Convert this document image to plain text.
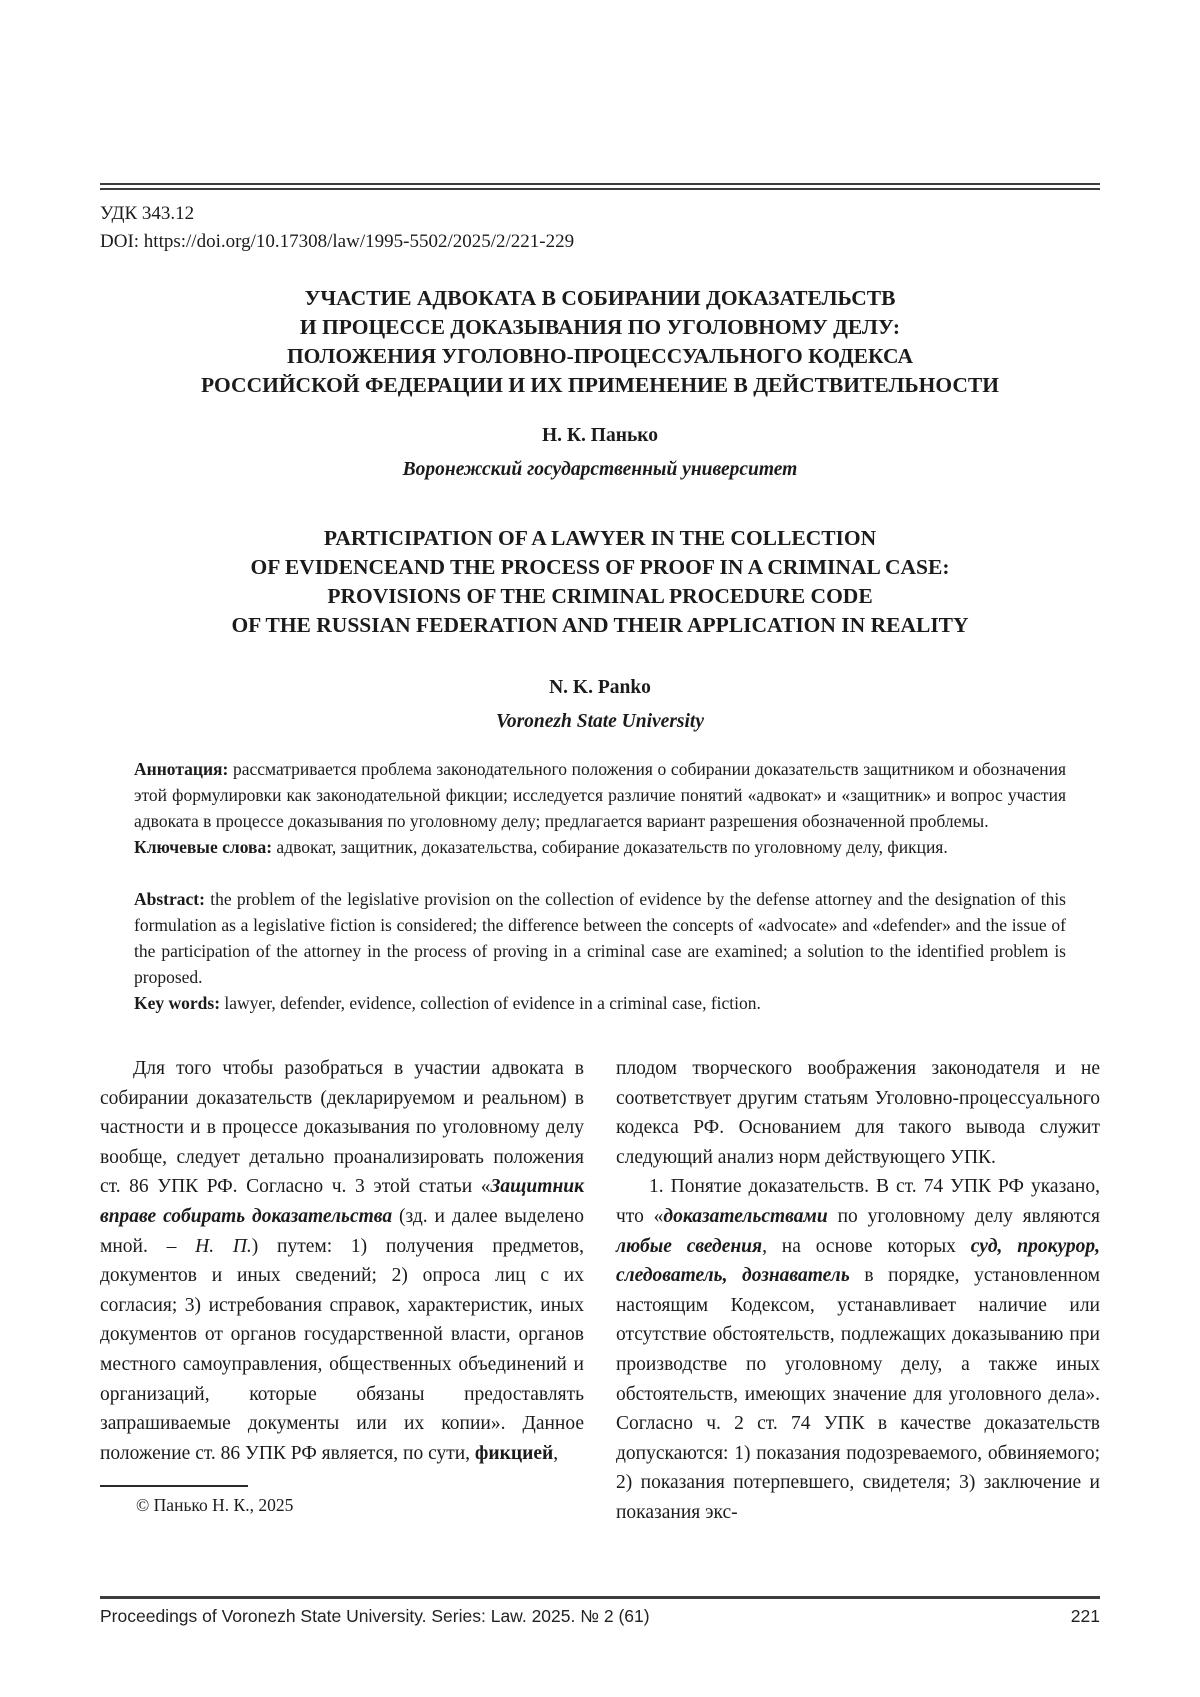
УДК 343.12
DOI: https://doi.org/10.17308/law/1995-5502/2025/2/221-229
УЧАСТИЕ АДВОКАТА В СОБИРАНИИ ДОКАЗАТЕЛЬСТВ
И ПРОЦЕССЕ ДОКАЗЫВАНИЯ ПО УГОЛОВНОМУ ДЕЛУ:
ПОЛОЖЕНИЯ УГОЛОВНО-ПРОЦЕССУАЛЬНОГО КОДЕКСА
РОССИЙСКОЙ ФЕДЕРАЦИИ И ИХ ПРИМЕНЕНИЕ В ДЕЙСТВИТЕЛЬНОСТИ
Н. К. Панько
Воронежский государственный университет
PARTICIPATION OF A LAWYER IN THE COLLECTION
OF EVIDENCEAND THE PROCESS OF PROOF IN A CRIMINAL CASE:
PROVISIONS OF THE CRIMINAL PROCEDURE CODE
OF THE RUSSIAN FEDERATION AND THEIR APPLICATION IN REALITY
N. K. Panko
Voronezh State University

Аннотация: рассматривается проблема законодательного положения о собирании доказательств защитником и обозначения этой формулировки как законодательной фикции; исследуется различие понятий «адвокат» и «защитник» и вопрос участия адвоката в процессе доказывания по уголовному делу; предлагается вариант разрешения обозначенной проблемы.

Ключевые слова: адвокат, защитник, доказательства, собирание доказательств по уголовному делу, фикция.

Abstract: the problem of the legislative provision on the collection of evidence by the defense attorney and the designation of this formulation as a legislative fiction is considered; the difference between the concepts of «advocate» and «defender» and the issue of the participation of the attorney in the process of proving in a criminal case are examined; a solution to the identified problem is proposed.

Key words: lawyer, defender, evidence, collection of evidence in a criminal case, fiction.

Для того чтобы разобраться в участии адвоката в собирании доказательств (декларируемом и реальном) в частности и в процессе доказывания по уголовному делу вообще, следует детально проанализировать положения ст. 86 УПК РФ. Согласно ч. 3 этой статьи «Защитник вправе собирать доказательства (зд. и далее выделено мной. – Н. П.) путем: 1) получения предметов, документов и иных сведений; 2) опроса лиц с их согласия; 3) истребования справок, характеристик, иных документов от органов государственной власти, органов местного самоуправления, общественных объединений и организаций, которые обязаны предоставлять запрашиваемые документы или их копии». Данное положение ст. 86 УПК РФ является, по сути, фикцией,

© Панько Н. К., 2025

плодом творческого воображения законодателя и не соответствует другим статьям Уголовно-процессуального кодекса РФ. Основанием для такого вывода служит следующий анализ норм действующего УПК.

1. Понятие доказательств. В ст. 74 УПК РФ указано, что «доказательствами по уголовному делу являются любые сведения, на основе которых суд, прокурор, следователь, дознаватель в порядке, установленном настоящим Кодексом, устанавливает наличие или отсутствие обстоятельств, подлежащих доказыванию при производстве по уголовному делу, а также иных обстоятельств, имеющих значение для уголовного дела». Согласно ч. 2 ст. 74 УПК в качестве доказательств допускаются: 1) показания подозреваемого, обвиняемого; 2) показания потерпевшего, свидетеля; 3) заключение и показания экс-

Proceedings of Voronezh State University. Series: Law. 2025. № 2 (61)	221
